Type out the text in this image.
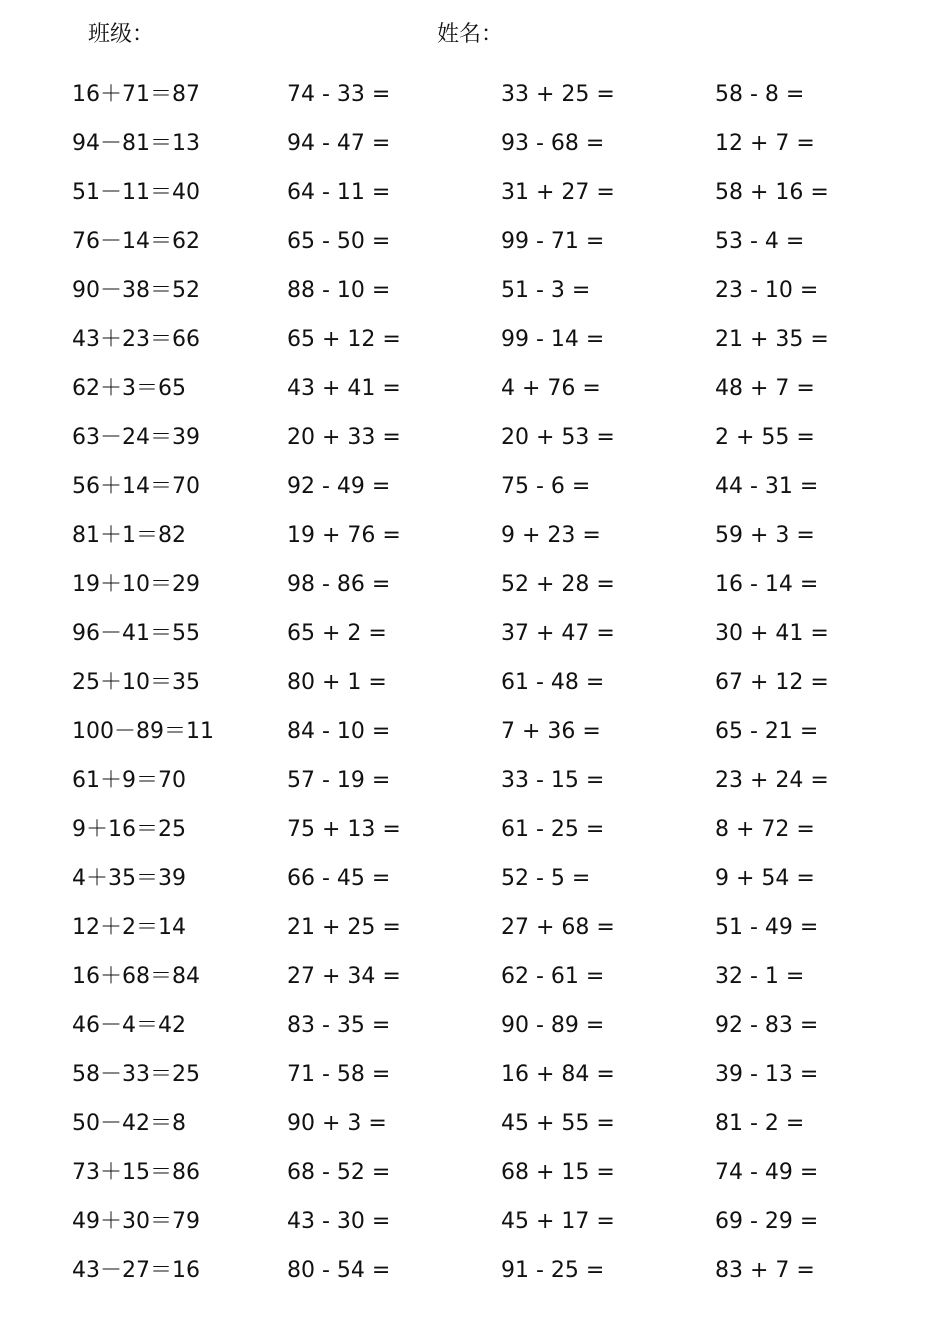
班级：	姓名：
16＋71＝87	74 - 33 =	33 + 25 =	58 - 8 =
94－81＝13	94 - 47 =	93 - 68 =	12 + 7 =
51－11＝40	64 - 11 =	31 + 27 =	58 + 16 =
76－14＝62	65 - 50 =	99 - 71 =	53 - 4 =
90－38＝52	88 - 10 =	51 - 3 =	23 - 10 =
43＋23＝66	65 + 12 =	99 - 14 =	21 + 35 =
62＋3＝65	43 + 41 =	4 + 76 =	48 + 7 =
63－24＝39	20 + 33 =	20 + 53 =	2 + 55 =
56＋14＝70	92 - 49 =	75 - 6 =	44 - 31 =
81＋1＝82	19 + 76 =	9 + 23 =	59 + 3 =
19＋10＝29	98 - 86 =	52 + 28 =	16 - 14 =
96－41＝55	65 + 2 =	37 + 47 =	30 + 41 =
25＋10＝35	80 + 1 =	61 - 48 =	67 + 12 =
100－89＝11	84 - 10 =	7 + 36 =	65 - 21 =
61＋9＝70	57 - 19 =	33 - 15 =	23 + 24 =
9＋16＝25	75 + 13 =	61 - 25 =	8 + 72 =
4＋35＝39	66 - 45 =	52 - 5 =	9 + 54 =
12＋2＝14	21 + 25 =	27 + 68 =	51 - 49 =
16＋68＝84	27 + 34 =	62 - 61 =	32 - 1 =
46－4＝42	83 - 35 =	90 - 89 =	92 - 83 =
58－33＝25	71 - 58 =	16 + 84 =	39 - 13 =
50－42＝8	90 + 3 =	45 + 55 =	81 - 2 =
73＋15＝86	68 - 52 =	68 + 15 =	74 - 49 =
49＋30＝79	43 - 30 =	45 + 17 =	69 - 29 =
43－27＝16	80 - 54 =	91 - 25 =	83 + 7 =
